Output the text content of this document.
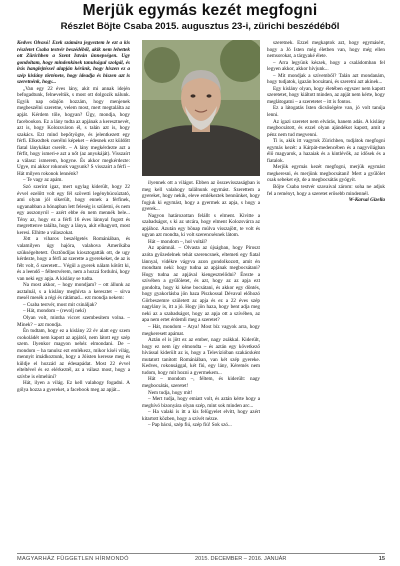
Merjük egymás kezét megfogni
Részlet Böjte Csaba 2015. augusztus 23-i, zürichi beszédéből

Kedves Olvasó! Ezek számára jegyeztem le ezt a kis részletet Csaba testvér beszédéből, akik nem lehettek ott Zürichben a Szent István ünnepségen. Ugy gondoltam, hogy mindenkinek tanulságul szolgál, és írás hanglejtéssel alapján kérünk, hogy hiszen ez a szép kislány története, hogy ideadja és hiszen azt is szeretnénk, hogy...

„Van egy 22 éves lány, akit mi annak idején befogadtunk, felneveltük, s most ott dolgozik nálunk. Egyik nap odajön hozzám, hogy menjenek megbeszélni szeretne, velem most, mert megtalálta az apját. Kérdem tőle, hogyan? Úgy, mondja, hogy facebookon. Ez a lány tudta az apjának a keresztnevét, azt is, hogy Kolozsváron él, s talán azt is, hogy szakács. Ezt mind bepötyögte, és jelentkezett egy férfi. Elkezdtek cserélni képeket – édesnek ezt küldött fiatal lánykákat cserélt. – A lány megkérdezte azt a férfit, hogy ismeri-e azt a nőt (az anyukáját). Visszaírt a válasz: ismerem, hogyne. És akkor megkérdezte: Ugye, mi akkor rokonok vagyunk? S visszaírt a férfi – Hát milyen rokonok lennénk?

– Te vagy az apám.

Szó szerint igaz, mert ugylag kiderült, hogy 22 évvel ezelőtt volt egy fél szövetti legénybúcsúztató, ami olyan jól sikerült, hogy ennek a férfinek, ugyanabban a hónapban lett feleség is születni, és nem egy asszonyról – azért ebbe én nem mennék bele... Tény az, hogy ez a férfi 16 éves lánnyal fogott és megrettenve találta, hogy a lánya, akit elhagyott, most keresi. Elhitte a válaszokat.

Jött a viharos beszélgetés Romániában, és valamilyen úgy hajóra, valahova Amerikába szükségeltetett. Ösztöndíjas kiosztogatták ott, de ugy kérdezte, hogy a férfi az szerette a gyerekeket, de az is félt volt, ő szeretett... Végül a gyerek nálam kötött ki, és a leendő – féltestvérem, nem a hozzá fordulni, hogy van neki egy apja. A kislány se tudta.

Na most akkor, – hogy mondjam? – ott állunk az asztalnál, s a kislány meghívta a keresztet – sírva mesél mesék a régi és rátámad... ezt mondja nekem:

– Csaba testvér, most mit csináljak?

– Hát, mondom – (revolj neki)

Olyan volt, mintha viccet szembesítem volna. – Minek? – azt mondja.

Én tudtam, hogy ez a kislány 22 év alatt egy szem csokoládét nem kapott az apjától, nem látott egy szép szem. Ilyenkor magyon nehéz elmondani. De – mondom – ha tanulsz ezt emlékezz, mikor kíséi világ, mennyit imádkoztunk, hogy a Jóisten keresse meg és küldje el hozzád az édesapádat. Most 22 évvel elteltével és ez elérkeztél, az a válasz most, hogy a szívbe is elmelúni?

Hát, ilyen a világ. Ez kell valahogy fogadni. A gólya hozza a gyereket, a facebook meg az apját...

ilyennek ott a világot. Ebben az összevisszaságban is meg kell valahogy találnunk egymást. Szerettem a gyereket, hogy nekik, eleve emlékeztek bennünket, hogy fogjuk ki egymást, hogy a gyermek az apja, s hogy a gyerek...

Nagyon határozottan felállt s elment. Kivitte a szabadságot, s ki az utcára, hogy elment Kolozsvárra az apjához. Azután egy bönap múlva visszajött, te volt és ugyan azt mondta, ki volt szerencsésnek látom.

Hát – mondom –, hol voltál?

Az apámnál. – Olvasta az újságban, hogy Piroszt azóta győzedelnek tehát szerencsnek, eltemeti egy fiatal lánnyal, vidékre vágyva azon gondolkozott, amit én mondtam neki: hogy tudna az apjának megbocsátani? Hogy tudna az apjával kiengesztelődni? Érezte a szívében a gyűlöletet, és azt, hogy az az apja ezt gondolta, hogy ki kéne bocsátani, és akkor egy döntés, hogy gyakorlásba jön haza Piszkossal Dévaval előhozó Görbeszemre született az apja és ez a 22 éves szép nagylány is, itt a jó. Hogy jön haza, hogy bent adja meg neki az a szabadságot, hogy az apja ott a szívében, az apa nem ertet érdemli meg a szeretet?

– Hát, mondom – Atya! Most bíz vagyok arra, hogy megkeresett apámat.

Aztán el is jött ez az ember, nagy zsákkal. Kiderült, hogy ez nem így elmondta – és aztán egy következő hívással kiderült az is, hogy a Televízióban szakácsként mutatott tanított Romániában, van két szép gyereke. Kedves, rokonsággal, két fiú, egy lány, Kéremés nem tudom, hogy mit hozni a gyermekem...

Hát – mondom –, féltem, és kiderült: nagy megbocsátás, szeretet!

Nem tudja, hogy mit!

– Mert tudja, hogy emiatt volt, és aztán kérte hogy a meghívó bizonyára olyan szép, mint sok minden arc...

– Ha valaki is itt a kis felügyelet elvitt, hogy azért kitartott közben, hogy a szívét nézze.

– Pap bácsi, szép fiú, szép fiú! Sok szó...

szeretnek. Ezzel megkaptok azt, hogy egymásért, hogy a Jó Isten még életben van, hogy még ellen nemsorokat, a tárgyaké élete.

– Arra legyünk készek, hogy a családomban fel legyen akkor, akkor hívjunk...

– Mit mondjak a szívemből? Talán azt mondanám, hogy tudjatok, igazán bocsátani, és szeretni azt akinek...

Egy kislány olyan, hogy életében egyszer nem kapott szeretetet, hogy kiáltott minden, az apját nem kérte, hogy meglátogatni – a szeretetet – itt is fontos.

Ez a látogatás Isten dicsőségére van, jó volt tanúja lenni.

Az igazi szeretet nem elvárás, hanem adás. A kislány megbocsátott, és ezzel olyan ajándékot kapott, amit a pénz nem tud megvenni.

Ti is, akik itt vagytok Zürichben, tudjátok megfogni egymás kezét: a Kárpát-medencében és a nagyvilágban élő magyarok, a hazaiak és a kintlévők, az idősek és a fiatalok.

Merjük egymás kezét megfogni, merjük egymást megkeresni, és merjünk megbocsátani! Mert a gyűlölet csak sebeket ejt, de a megbocsátás gyógyít.

Böjte Csaba testvér szavaival zárom: soha ne adjuk fel a reményt, hogy a szeretet erősebb mindennél.

W-Karsai Gizella

MAGYARHÁZ FÜGGETLEN HÍRMONDÓ	2015. DECEMBER – 2016. JANUÁR	15
